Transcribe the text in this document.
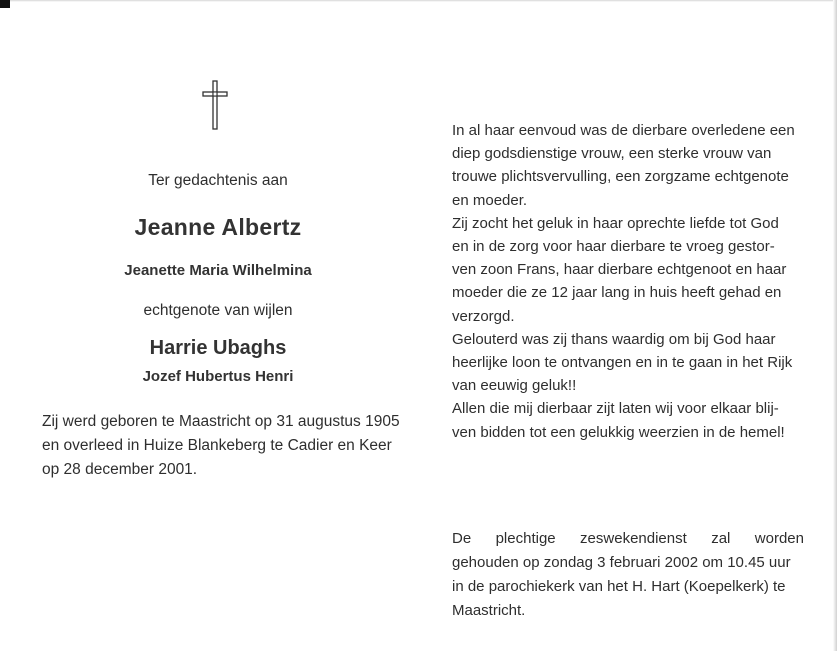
Ter gedachtenis aan
Jeanne Albertz
Jeanette Maria Wilhelmina
echtgenote van wijlen
Harrie Ubaghs
Jozef Hubertus Henri
Zij werd geboren te Maastricht op 31 augustus 1905
en overleed in Huize Blankeberg te Cadier en Keer
op 28 december 2001.
In al haar eenvoud was de dierbare overledene een
diep godsdienstige vrouw, een sterke vrouw van
trouwe plichtsvervulling, een zorgzame echtgenote
en moeder.
Zij zocht het geluk in haar oprechte liefde tot God
en in de zorg voor haar dierbare te vroeg gestor-
ven zoon Frans, haar dierbare echtgenoot en haar
moeder die ze 12 jaar lang in huis heeft gehad en
verzorgd.
Gelouterd was zij thans waardig om bij God haar
heerlijke loon te ontvangen en in te gaan in het Rijk
van eeuwig geluk!!
Allen die mij dierbaar zijt laten wij voor elkaar blij-
ven bidden tot een gelukkig weerzien in de hemel!
De plechtige zeswekendienst zal worden
gehouden op zondag 3 februari 2002 om 10.45 uur
in de parochiekerk van het H. Hart (Koepelkerk) te
Maastricht.
